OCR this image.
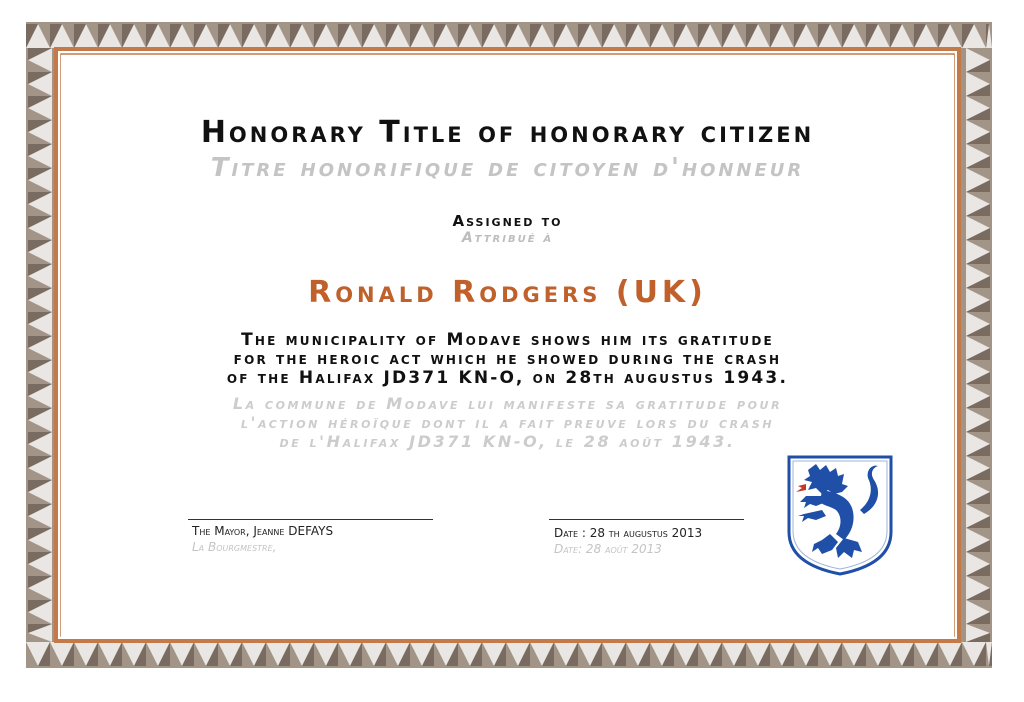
Honorary Title of honorary citizen

Titre honorifique de citoyen d'honneur

Assigned to

Attribué à

Ronald Rodgers (UK)

The municipality of Modave shows him its gratitude
for the heroic act which he showed during the crash
of the Halifax JD371 KN-O, on 28th augustus 1943.

La commune de Modave lui manifeste sa gratitude pour
l'action héroïque dont il a fait preuve lors du crash
de l'Halifax JD371 KN-O, le 28 août 1943.

The Mayor, Jeanne DEFAYS

La Bourgmestre,

Date : 28 th augustus 2013

Date: 28 août 2013
